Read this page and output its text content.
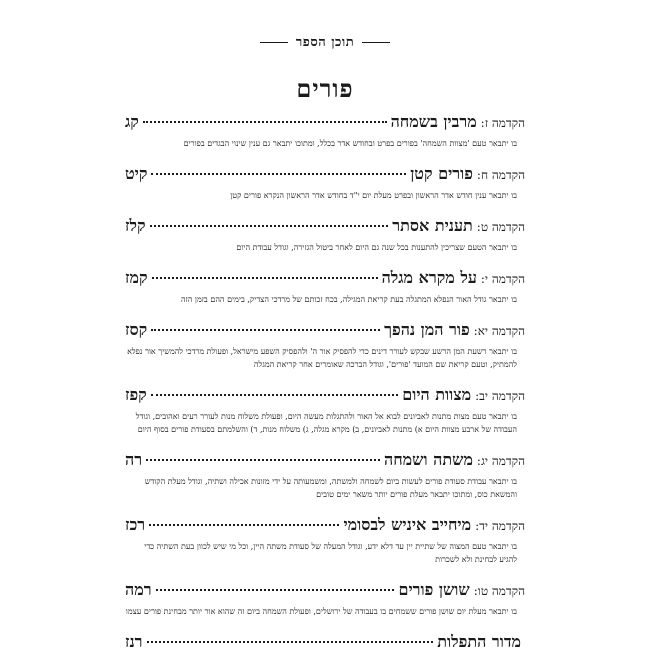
תוכן הספר
פורים
הקדמה ז:
מרבין בשמחה
קג
בו יתבאר טעם 'מצוות השמחה' בפורים בפרט ובחודש אדר בכלל, ומתוכו יתבאר גם ענין שינוי הבגדים בפורים
הקדמה ח:
פורים קטן
קיט
בו יתבאר ענין חודש אדר הראשון ובפרט מעלת יום י"ד בחודש אדר הראשון הנקרא פורים קטן
הקדמה ט:
תענית אסתר
קלז
בו יתבאר הטעם שצריכין להתענות בכל שנה גם היום לאחר ביטול הגזירה, וגודל עבודת היום
הקדמה י:
על מקרא מגלה
קמז
בו יתבאר גודל האור הנפלא המתגלה בעת קריאת המגילה, בכח זכותם של מרדכי הצדיק, בימים ההם בזמן הזה
הקדמה יא:
פור המן נהפך
קסז
בו יתבאר רשעת המן הרשע שבקש לעורר דינים כדי להפסיק אור ה' ולהפסיק השפע מישראל, ופעולת מרדכי להמשיך אור נפלא להמתיק, וטעם קריאת שם המועד 'פורים', וגודל הברכה שאומרים אחר קריאת המגלה
הקדמה יב:
מצוות היום
קפז
בו יתבאר טעם מצות מתנות לאביונים לבוא אל האור ולהתגלות מעשה היום, ופעולת משלוח מנות לעורר רעים ואהובים, וגודל העבודה של ארבע מצוות היום א) מתנות לאביונים, ב) מקרא מגלה, ג) משלוח מנות, ד) והשלמתם בסעודת פורים בסוף היום
הקדמה יג:
משתה ושמחה
רה
בו יתבאר עבודת סעודת פורים לעשות ביום לשמחה ולמשתה, ומשמעותה על ידי מזונות אכילה ושתיה, וגודל מעלת הקודש והמשאת כוס, ומתוכו יתבאר מעלת פורים יותר משאר ימים טובים
הקדמה יד:
מיחייב איניש לבסומי
רכז
בו יתבאר טעם המצוה של שתיית יין עד דלא ידע, וגודל המעלה של סעודת משתה היין, וכל מי שיש לכוון בעת השתיה כדי להגיע לבחינת ולא לשכרות
הקדמה טו:
שושן פורים
רמה
בו יתבאר מעלת יום שושן פורים ששמחים בו בעבודה של ירושלים, ופעולת השמחה ביום זה שהוא אור יותר מבחינת פורים עצמו
מדור התפלות
רנז
